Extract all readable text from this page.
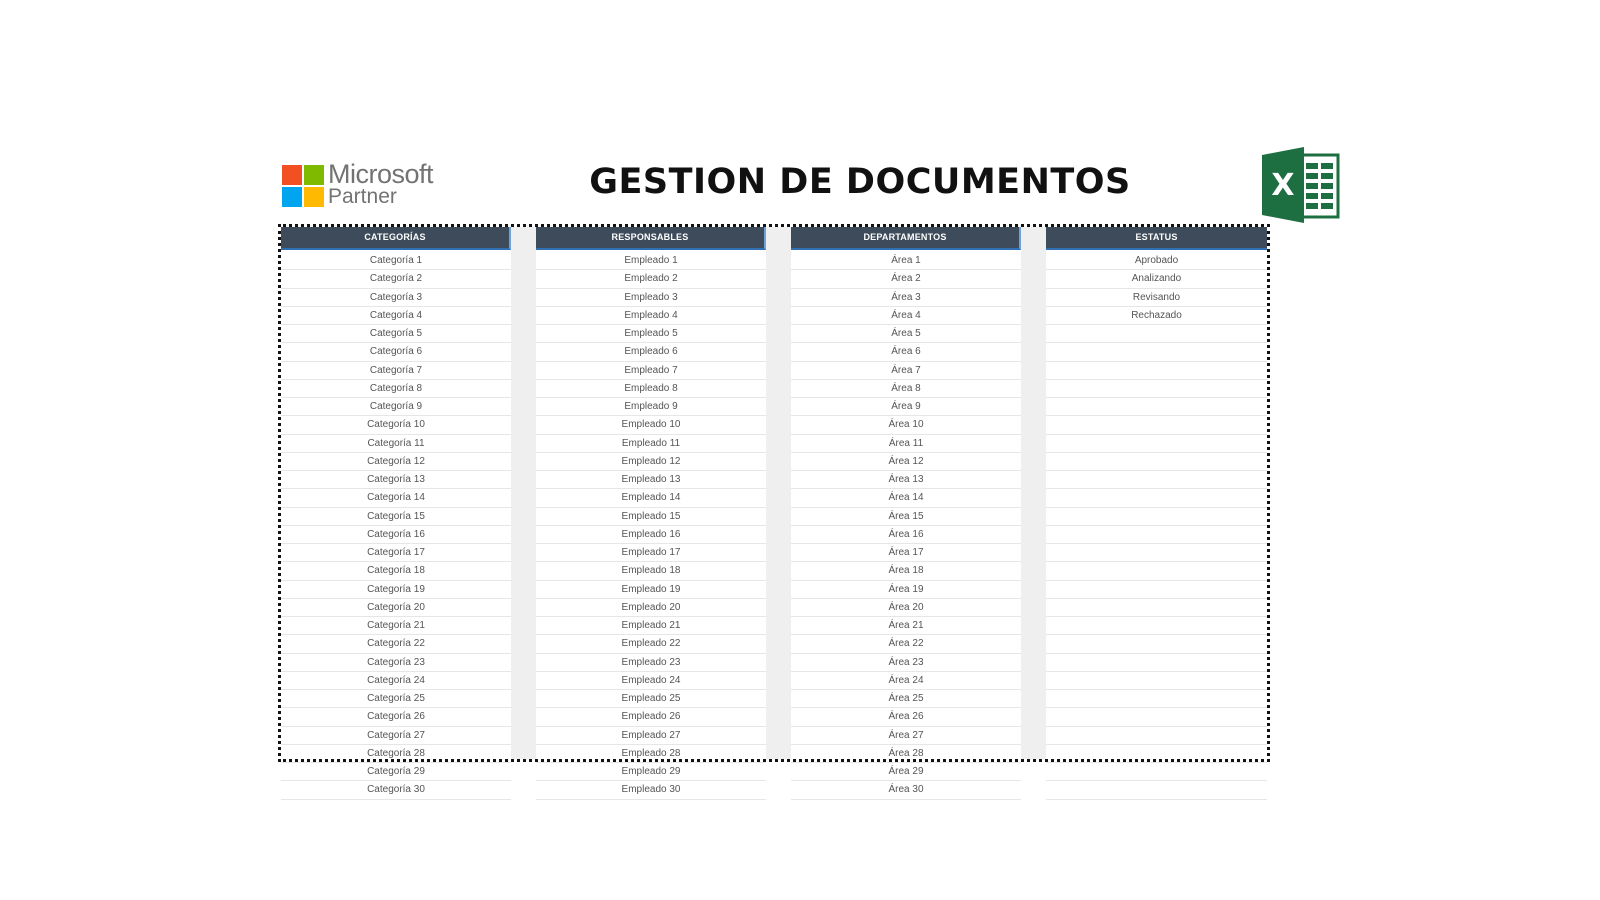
Microsoft
Partner	GESTION DE DOCUMENTOS	X
CATEGORÍAS
Categoría 1
Categoría 2
Categoría 3
Categoría 4
Categoría 5
Categoría 6
Categoría 7
Categoría 8
Categoría 9
Categoría 10
Categoría 11
Categoría 12
Categoría 13
Categoría 14
Categoría 15
Categoría 16
Categoría 17
Categoría 18
Categoría 19
Categoría 20
Categoría 21
Categoría 22
Categoría 23
Categoría 24
Categoría 25
Categoría 26
Categoría 27
Categoría 28
Categoría 29
Categoría 30
RESPONSABLES
Empleado 1
Empleado 2
Empleado 3
Empleado 4
Empleado 5
Empleado 6
Empleado 7
Empleado 8
Empleado 9
Empleado 10
Empleado 11
Empleado 12
Empleado 13
Empleado 14
Empleado 15
Empleado 16
Empleado 17
Empleado 18
Empleado 19
Empleado 20
Empleado 21
Empleado 22
Empleado 23
Empleado 24
Empleado 25
Empleado 26
Empleado 27
Empleado 28
Empleado 29
Empleado 30
DEPARTAMENTOS
Área 1
Área 2
Área 3
Área 4
Área 5
Área 6
Área 7
Área 8
Área 9
Área 10
Área 11
Área 12
Área 13
Área 14
Área 15
Área 16
Área 17
Área 18
Área 19
Área 20
Área 21
Área 22
Área 23
Área 24
Área 25
Área 26
Área 27
Área 28
Área 29
Área 30
ESTATUS
Aprobado
Analizando
Revisando
Rechazado
